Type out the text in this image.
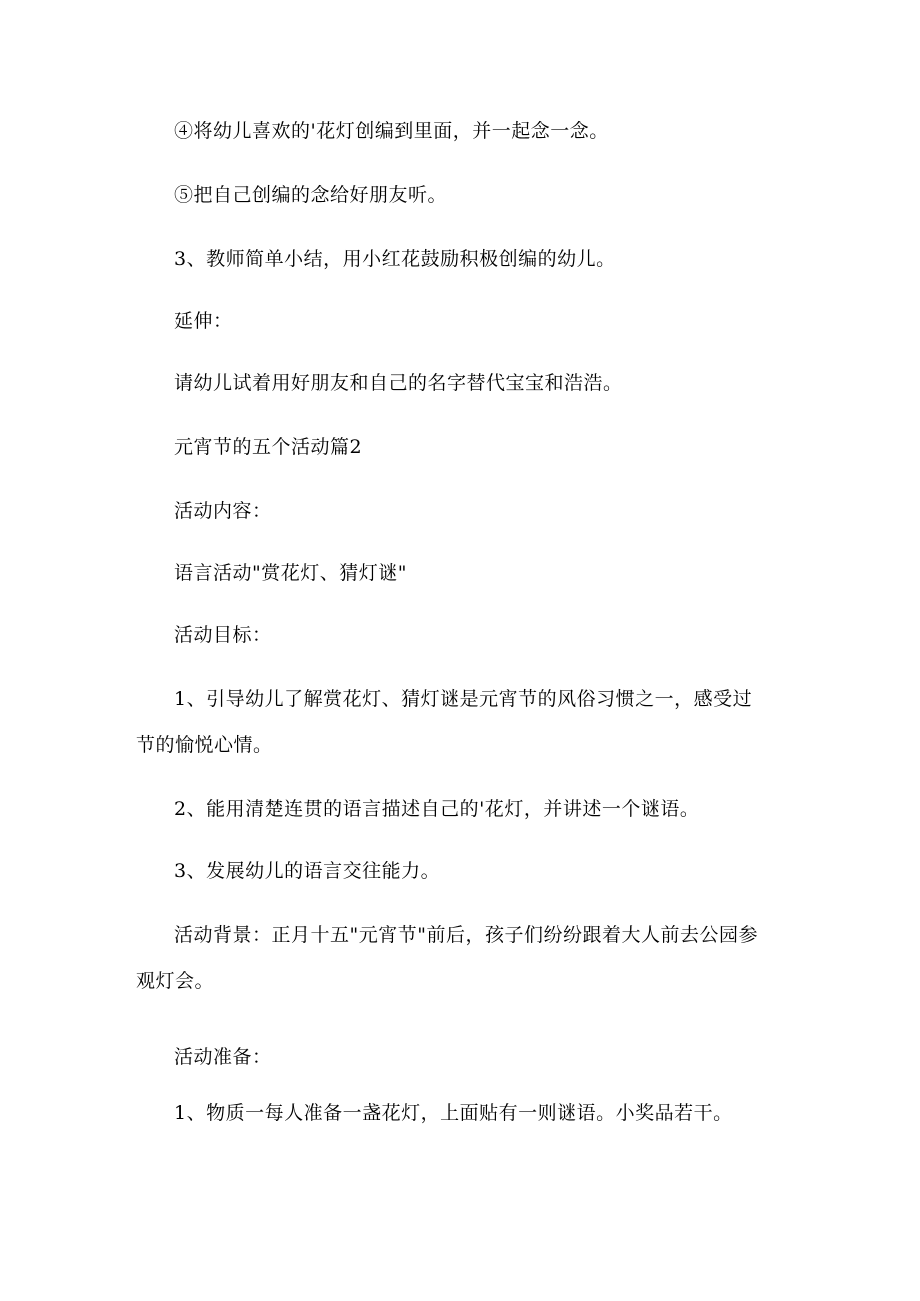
④将幼儿喜欢的'花灯创编到里面，并一起念一念。

⑤把自己创编的念给好朋友听。

3、教师简单小结，用小红花鼓励积极创编的幼儿。

延伸：

请幼儿试着用好朋友和自己的名字替代宝宝和浩浩。

元宵节的五个活动篇2

活动内容：

语言活动"赏花灯、猜灯谜"

活动目标：

1、引导幼儿了解赏花灯、猜灯谜是元宵节的风俗习惯之一，感受过

节的愉悦心情。

2、能用清楚连贯的语言描述自己的'花灯，并讲述一个谜语。

3、发展幼儿的语言交往能力。

活动背景：正月十五"元宵节"前后，孩子们纷纷跟着大人前去公园参

观灯会。

活动准备：

1、物质一每人准备一盏花灯，上面贴有一则谜语。小奖品若干。
